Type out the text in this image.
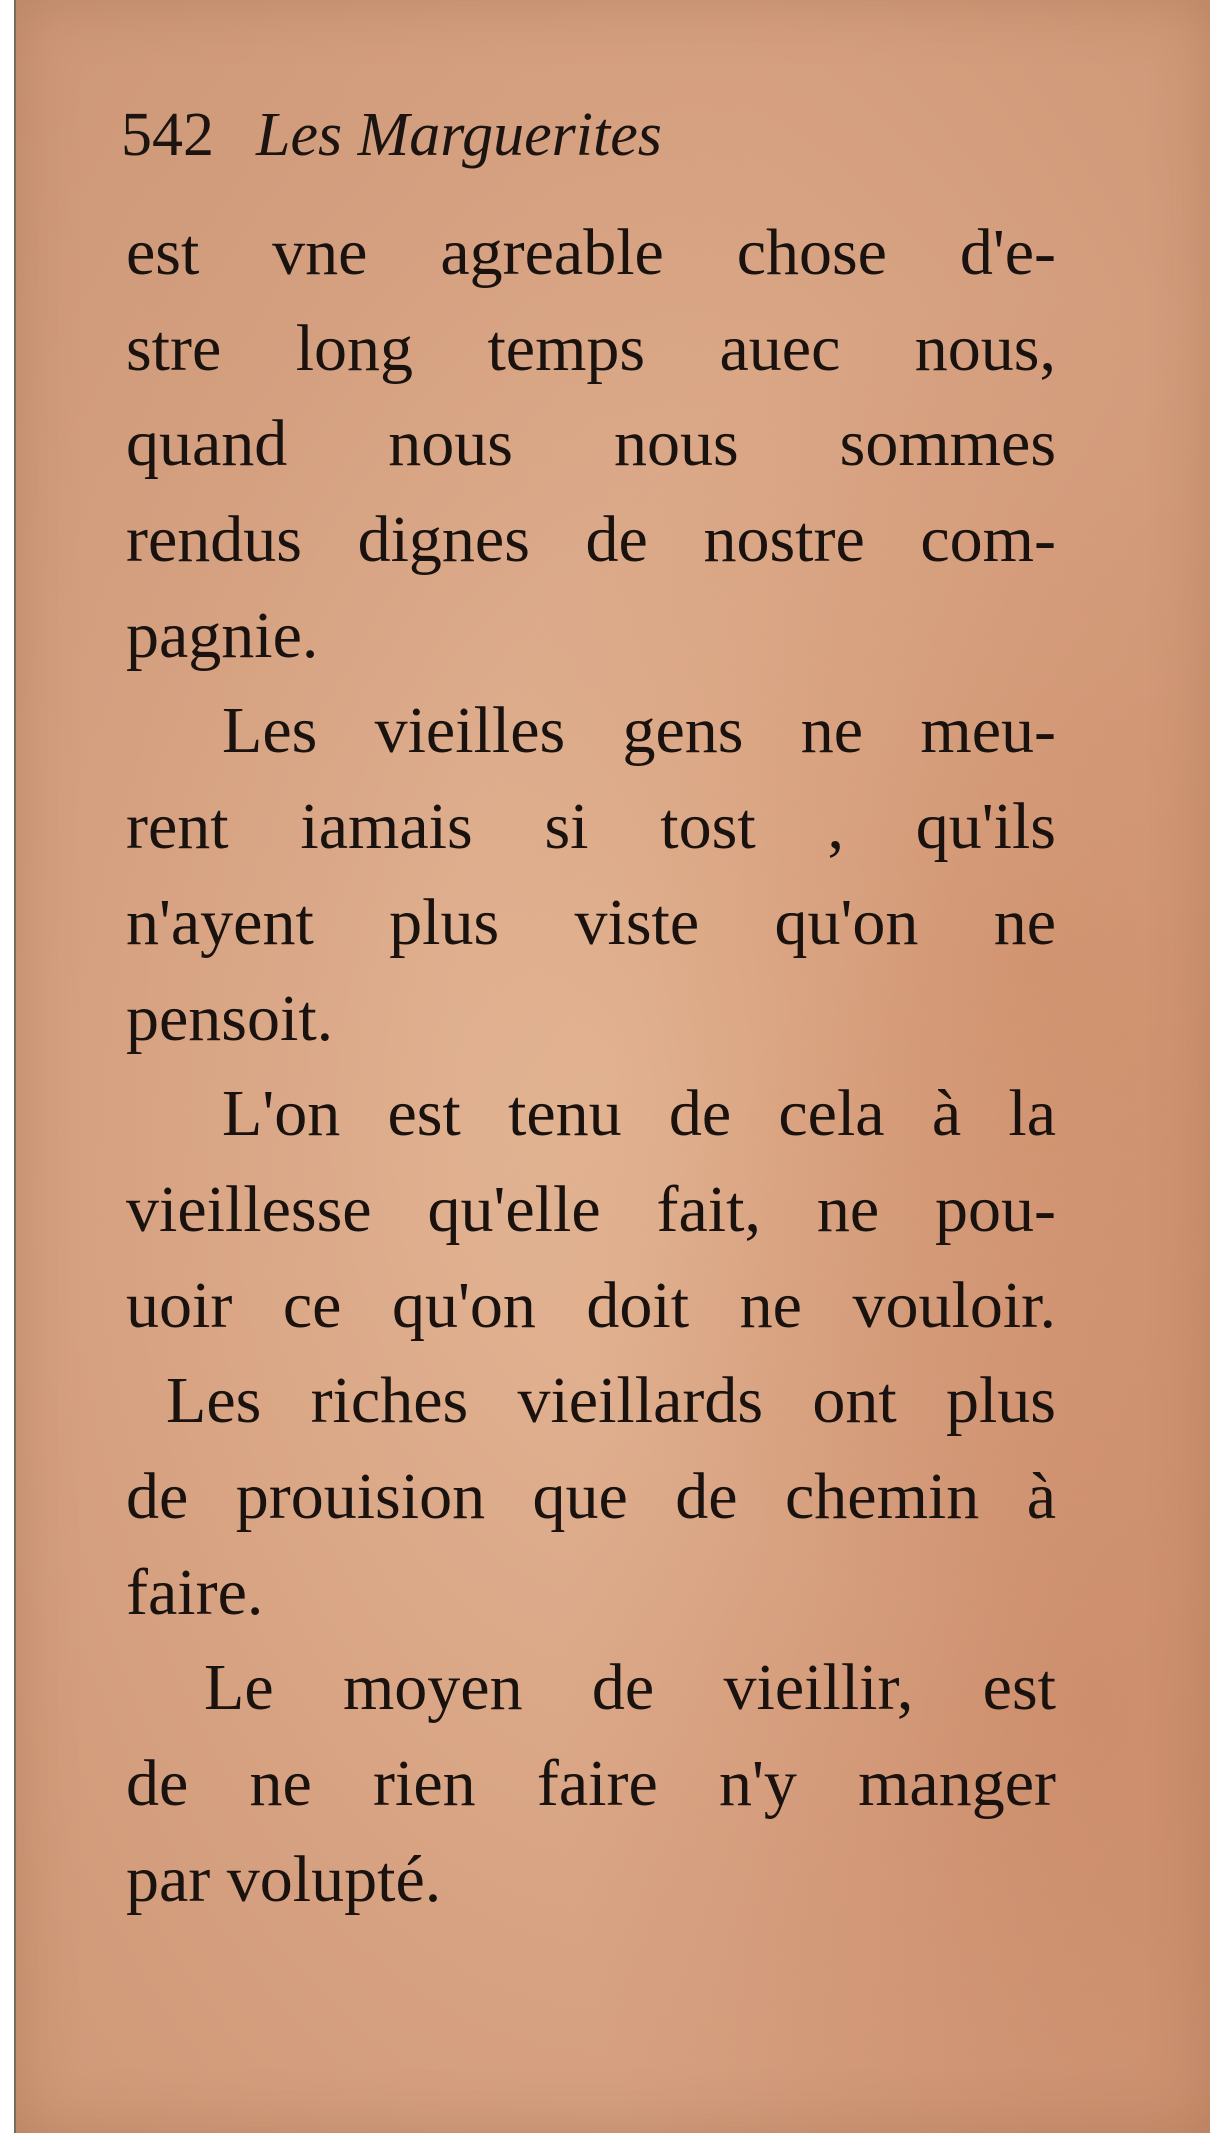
542 Les Marguerites
est vne agreable chose d'e-
stre long temps auec nous,
quand nous nous sommes
rendus dignes de nostre com-
pagnie.
Les vieilles gens ne meu-
rent iamais si tost , qu'ils
n'ayent plus viste qu'on ne
pensoit.
L'on est tenu de cela à la
vieillesse qu'elle fait, ne pou-
uoir ce qu'on doit ne vouloir.
Les riches vieillards ont plus
de prouision que de chemin à
faire.
Le moyen de vieillir, est
de ne rien faire n'y manger
par volupté.
